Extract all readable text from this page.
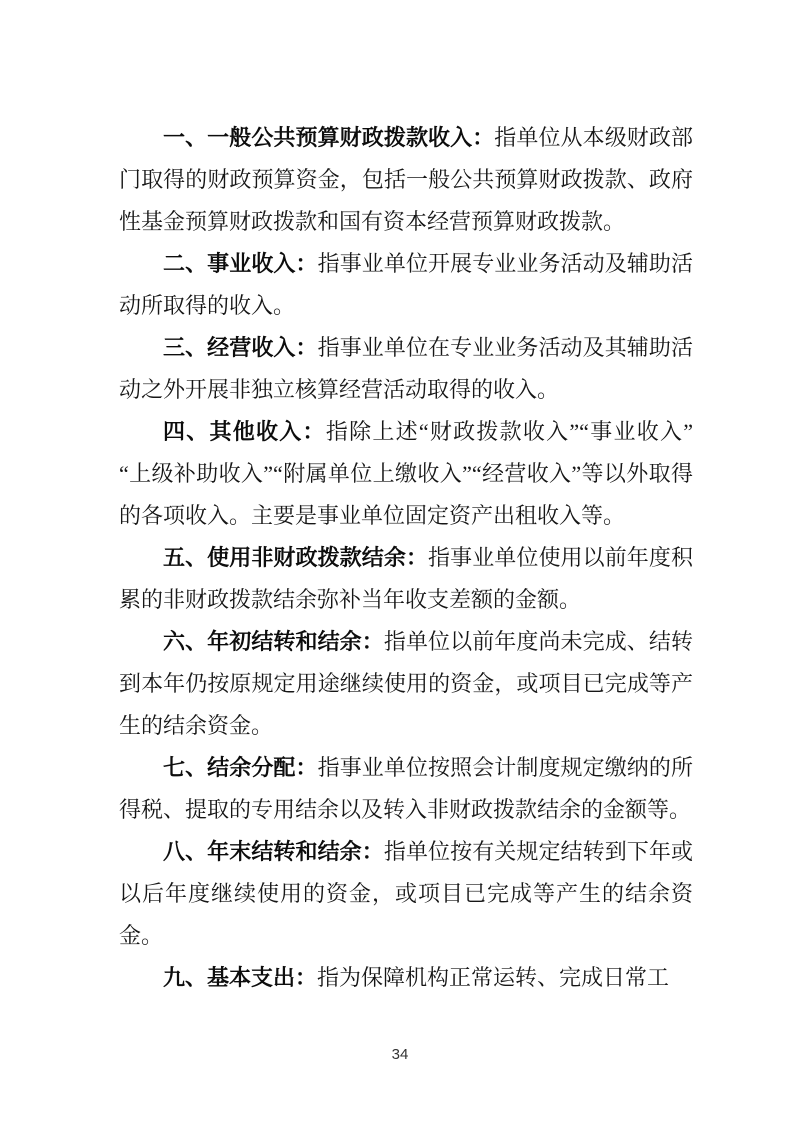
一、一般公共预算财政拨款收入：指单位从本级财政部门取得的财政预算资金，包括一般公共预算财政拨款、政府性基金预算财政拨款和国有资本经营预算财政拨款。

二、事业收入：指事业单位开展专业业务活动及辅助活动所取得的收入。

三、经营收入：指事业单位在专业业务活动及其辅助活动之外开展非独立核算经营活动取得的收入。

四、其他收入：指除上述“财政拨款收入”“事业收入”“上级补助收入”“附属单位上缴收入”“经营收入”等以外取得的各项收入。主要是事业单位固定资产出租收入等。

五、使用非财政拨款结余：指事业单位使用以前年度积累的非财政拨款结余弥补当年收支差额的金额。

六、年初结转和结余：指单位以前年度尚未完成、结转到本年仍按原规定用途继续使用的资金，或项目已完成等产生的结余资金。

七、结余分配：指事业单位按照会计制度规定缴纳的所得税、提取的专用结余以及转入非财政拨款结余的金额等。

八、年末结转和结余：指单位按有关规定结转到下年或以后年度继续使用的资金，或项目已完成等产生的结余资金。

九、基本支出：指为保障机构正常运转、完成日常工

34
